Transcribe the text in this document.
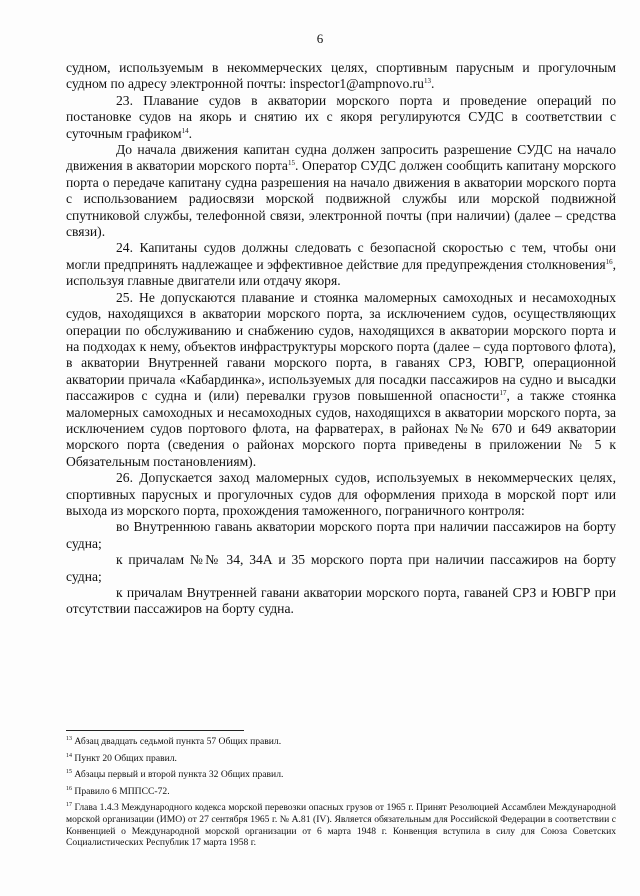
6

судном, используемым в некоммерческих целях, спортивным парусным и прогулочным судном по адресу электронной почты: $inspector1@ampnovo.ru^{13}$.

23. Плавание судов в акватории морского порта и проведение операций по постановке судов на якорь и снятию их с якоря регулируются СУДС в соответствии с суточным графиком$^{14}$.

До начала движения капитан судна должен запросить разрешение СУДС на начало движения в акватории морского порта$^{15}$. Оператор СУДС должен сообщить капитану морского порта о передаче капитану судна разрешения на начало движения в акватории морского порта с использованием радиосвязи морской подвижной службы или морской подвижной спутниковой службы, телефонной связи, электронной почты (при наличии) (далее – средства связи).

24. Капитаны судов должны следовать с безопасной скоростью с тем, чтобы они могли предпринять надлежащее и эффективное действие для предупреждения столкновения$^{16}$, используя главные двигатели или отдачу якоря.

25. Не допускаются плавание и стоянка маломерных самоходных и несамоходных судов, находящихся в акватории морского порта, за исключением судов, осуществляющих операции по обслуживанию и снабжению судов, находящихся в акватории морского порта и на подходах к нему, объектов инфраструктуры морского порта (далее – суда портового флота), в акватории Внутренней гавани морского порта, в гаванях СРЗ, ЮВГР, операционной акватории причала «Кабардинка», используемых для посадки пассажиров на судно и высадки пассажиров с судна и (или) перевалки грузов повышенной опасности$^{17}$, а также стоянка маломерных самоходных и несамоходных судов, находящихся в акватории морского порта, за исключением судов портового флота, на фарватерах, в районах №№ 670 и 649 акватории морского порта (сведения о районах морского порта приведены в приложении № 5 к Обязательным постановлениям).

26. Допускается заход маломерных судов, используемых в некоммерческих целях, спортивных парусных и прогулочных судов для оформления прихода в морской порт или выхода из морского порта, прохождения таможенного, пограничного контроля:

во Внутреннюю гавань акватории морского порта при наличии пассажиров на борту судна;

к причалам №№ 34, 34А и 35 морского порта при наличии пассажиров на борту судна;

к причалам Внутренней гавани акватории морского порта, гаваней СРЗ и ЮВГР при отсутствии пассажиров на борту судна.

$^{13}$ Абзац двадцать седьмой пункта 57 Общих правил.

$^{14}$ Пункт 20 Общих правил.

$^{15}$ Абзацы первый и второй пункта 32 Общих правил.

$^{16}$ Правило 6 МППСС-72.

$^{17}$ Глава 1.4.3 Международного кодекса морской перевозки опасных грузов от 1965 г. Принят Резолюцией Ассамблеи Международной морской организации (ИМО) от 27 сентября 1965 г. № А.81 (IV). Является обязательным для Российской Федерации в соответствии с Конвенцией о Международной морской организации от 6 марта 1948 г. Конвенция вступила в силу для Союза Советских Социалистических Республик 17 марта 1958 г.
